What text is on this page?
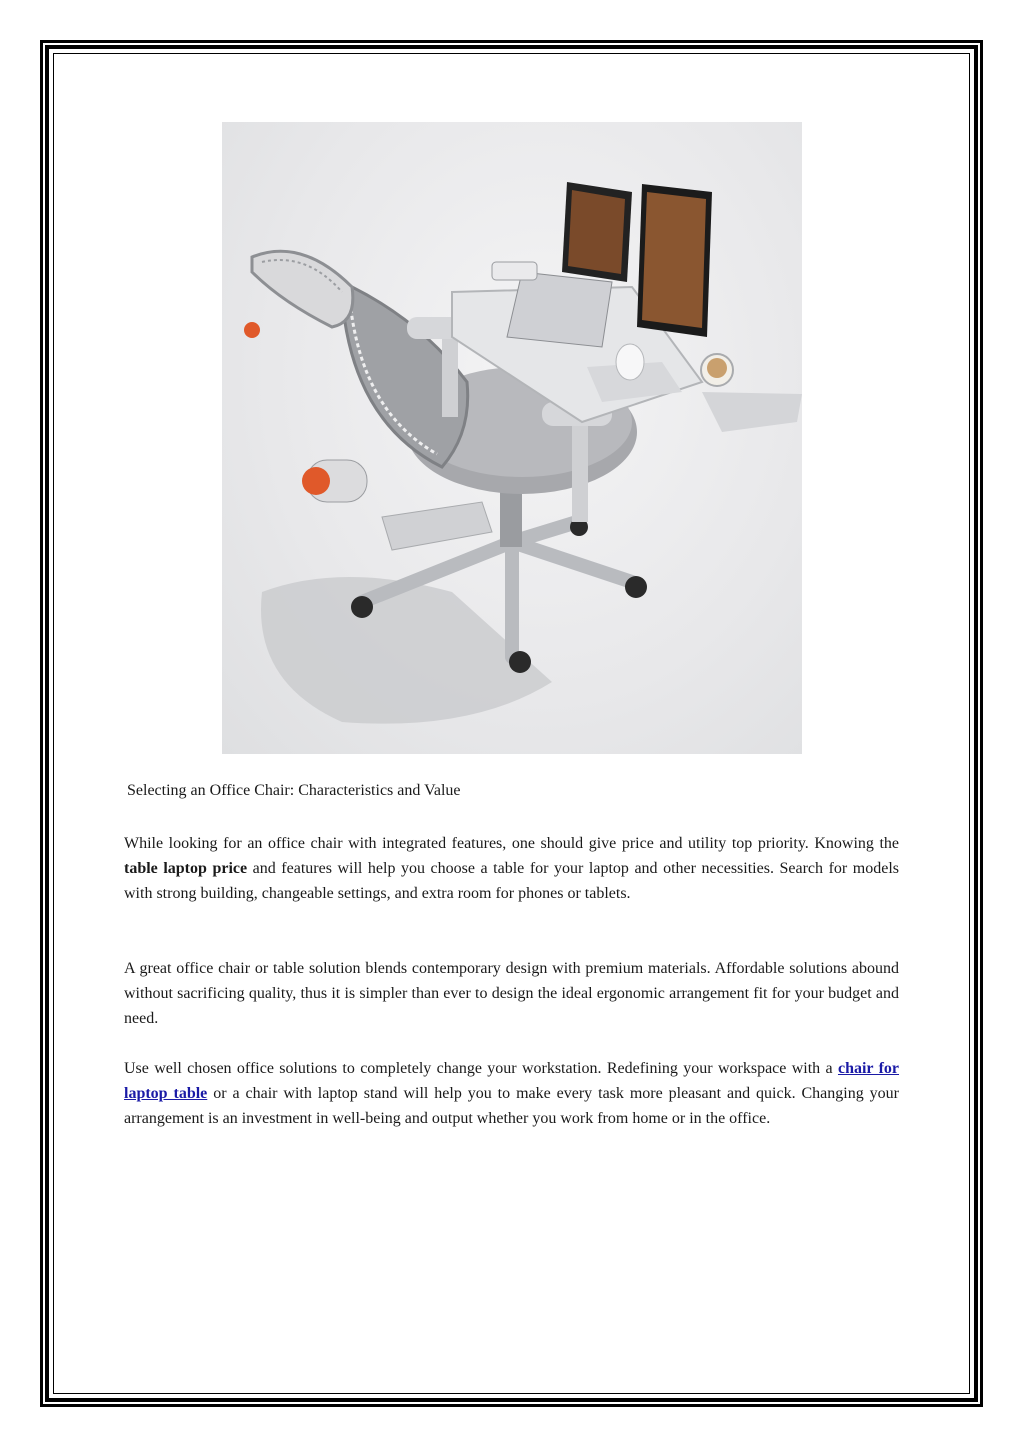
Selecting an Office Chair: Characteristics and Value

While looking for an office chair with integrated features, one should give price and utility top priority. Knowing the table laptop price and features will help you choose a table for your laptop and other necessities. Search for models with strong building, changeable settings, and extra room for phones or tablets.

A great office chair or table solution blends contemporary design with premium materials. Affordable solutions abound without sacrificing quality, thus it is simpler than ever to design the ideal ergonomic arrangement fit for your budget and need.

Use well chosen office solutions to completely change your workstation. Redefining your workspace with a chair for laptop table or a chair with laptop stand will help you to make every task more pleasant and quick. Changing your arrangement is an investment in well-being and output whether you work from home or in the office.
